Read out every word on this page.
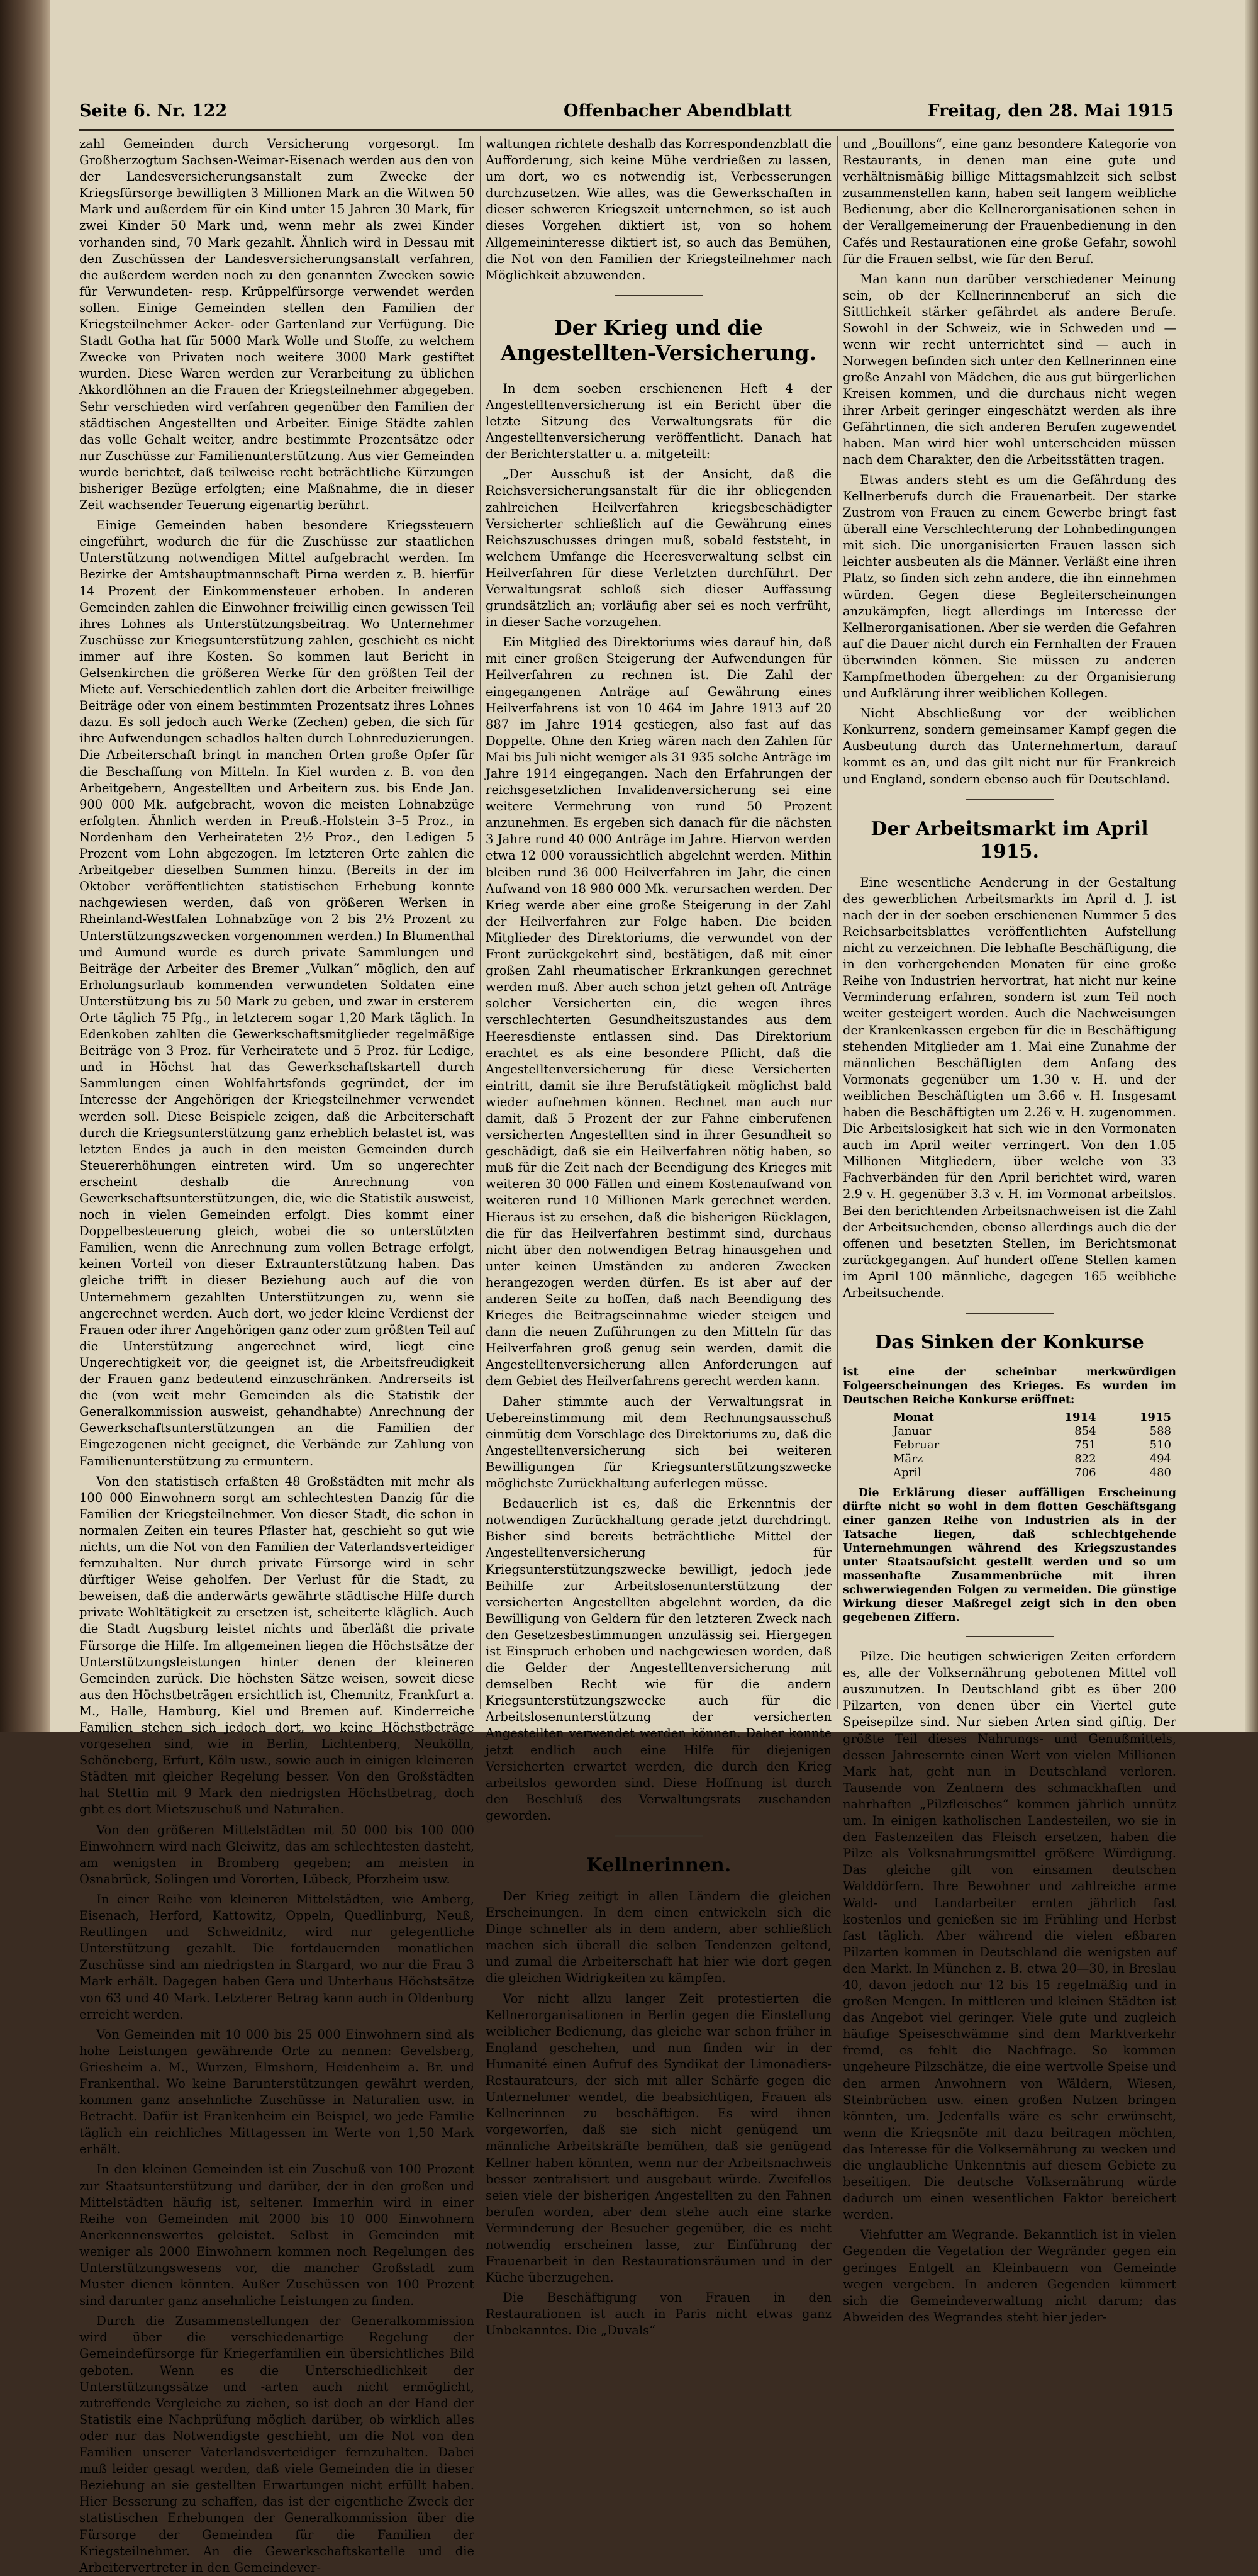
Seite 6. Nr. 122	Offenbacher Abendblatt	Freitag, den 28. Mai 1915

zahl Gemeinden durch Versicherung vorgesorgt. Im Großherzogtum Sachsen-Weimar-Eisenach werden aus den von der Landesversicherungsanstalt zum Zwecke der Kriegsfürsorge bewilligten 3 Millionen Mark an die Witwen 50 Mark und außerdem für ein Kind unter 15 Jahren 30 Mark, für zwei Kinder 50 Mark und, wenn mehr als zwei Kinder vorhanden sind, 70 Mark gezahlt. Ähnlich wird in Dessau mit den Zuschüssen der Landesversicherungsanstalt verfahren, die außerdem werden noch zu den genannten Zwecken sowie für Verwundeten- resp. Krüppelfürsorge verwendet werden sollen. Einige Gemeinden stellen den Familien der Kriegsteilnehmer Acker- oder Gartenland zur Verfügung. Die Stadt Gotha hat für 5000 Mark Wolle und Stoffe, zu welchem Zwecke von Privaten noch weitere 3000 Mark gestiftet wurden. Diese Waren werden zur Verarbeitung zu üblichen Akkordlöhnen an die Frauen der Kriegsteilnehmer abgegeben. Sehr verschieden wird verfahren gegenüber den Familien der städtischen Angestellten und Arbeiter. Einige Städte zahlen das volle Gehalt weiter, andre bestimmte Prozentsätze oder nur Zuschüsse zur Familienunterstützung. Aus vier Gemeinden wurde berichtet, daß teilweise recht beträchtliche Kürzungen bisheriger Bezüge erfolgten; eine Maßnahme, die in dieser Zeit wachsender Teuerung eigenartig berührt.

Einige Gemeinden haben besondere Kriegssteuern eingeführt, wodurch die für die Zuschüsse zur staatlichen Unterstützung notwendigen Mittel aufgebracht werden. Im Bezirke der Amtshauptmannschaft Pirna werden z. B. hierfür 14 Prozent der Einkommensteuer erhoben. In anderen Gemeinden zahlen die Einwohner freiwillig einen gewissen Teil ihres Lohnes als Unterstützungsbeitrag. Wo Unternehmer Zuschüsse zur Kriegsunterstützung zahlen, geschieht es nicht immer auf ihre Kosten. So kommen laut Bericht in Gelsenkirchen die größeren Werke für den größten Teil der Miete auf. Verschiedentlich zahlen dort die Arbeiter freiwillige Beiträge oder von einem bestimmten Prozentsatz ihres Lohnes dazu. Es soll jedoch auch Werke (Zechen) geben, die sich für ihre Aufwendungen schadlos halten durch Lohnreduzierungen. Die Arbeiterschaft bringt in manchen Orten große Opfer für die Beschaffung von Mitteln. In Kiel wurden z. B. von den Arbeitgebern, Angestellten und Arbeitern zus. bis Ende Jan. 900 000 Mk. aufgebracht, wovon die meisten Lohnabzüge erfolgten. Ähnlich werden in Preuß.-Holstein 3–5 Proz., in Nordenham den Verheirateten 2½ Proz., den Ledigen 5 Prozent vom Lohn abgezogen. Im letzteren Orte zahlen die Arbeitgeber dieselben Summen hinzu. (Bereits in der im Oktober veröffentlichten statistischen Erhebung konnte nachgewiesen werden, daß von größeren Werken in Rheinland-Westfalen Lohnabzüge von 2 bis 2½ Prozent zu Unterstützungszwecken vorgenommen werden.) In Blumenthal und Aumund wurde es durch private Sammlungen und Beiträge der Arbeiter des Bremer „Vulkan“ möglich, den auf Erholungsurlaub kommenden verwundeten Soldaten eine Unterstützung bis zu 50 Mark zu geben, und zwar in ersterem Orte täglich 75 Pfg., in letzterem sogar 1,20 Mark täglich. In Edenkoben zahlten die Gewerkschaftsmitglieder regelmäßige Beiträge von 3 Proz. für Verheiratete und 5 Proz. für Ledige, und in Höchst hat das Gewerkschaftskartell durch Sammlungen einen Wohlfahrtsfonds gegründet, der im Interesse der Angehörigen der Kriegsteilnehmer verwendet werden soll. Diese Beispiele zeigen, daß die Arbeiterschaft durch die Kriegsunterstützung ganz erheblich belastet ist, was letzten Endes ja auch in den meisten Gemeinden durch Steuererhöhungen eintreten wird. Um so ungerechter erscheint deshalb die Anrechnung von Gewerkschaftsunterstützungen, die, wie die Statistik ausweist, noch in vielen Gemeinden erfolgt. Dies kommt einer Doppelbesteuerung gleich, wobei die so unterstützten Familien, wenn die Anrechnung zum vollen Betrage erfolgt, keinen Vorteil von dieser Extraunterstützung haben. Das gleiche trifft in dieser Beziehung auch auf die von Unternehmern gezahlten Unterstützungen zu, wenn sie angerechnet werden. Auch dort, wo jeder kleine Verdienst der Frauen oder ihrer Angehörigen ganz oder zum größten Teil auf die Unterstützung angerechnet wird, liegt eine Ungerechtigkeit vor, die geeignet ist, die Arbeitsfreudigkeit der Frauen ganz bedeutend einzuschränken. Andrerseits ist die (von weit mehr Gemeinden als die Statistik der Generalkommission ausweist, gehandhabte) Anrechnung der Gewerkschaftsunterstützungen an die Familien der Eingezogenen nicht geeignet, die Verbände zur Zahlung von Familienunterstützung zu ermuntern.

Von den statistisch erfaßten 48 Großstädten mit mehr als 100 000 Einwohnern sorgt am schlechtesten Danzig für die Familien der Kriegsteilnehmer. Von dieser Stadt, die schon in normalen Zeiten ein teures Pflaster hat, geschieht so gut wie nichts, um die Not von den Familien der Vaterlandsverteidiger fernzuhalten. Nur durch private Fürsorge wird in sehr dürftiger Weise geholfen. Der Verlust für die Stadt, zu beweisen, daß die anderwärts gewährte städtische Hilfe durch private Wohltätigkeit zu ersetzen ist, scheiterte kläglich. Auch die Stadt Augsburg leistet nichts und überläßt die private Fürsorge die Hilfe. Im allgemeinen liegen die Höchstsätze der Unterstützungsleistungen hinter denen der kleineren Gemeinden zurück. Die höchsten Sätze weisen, soweit diese aus den Höchstbeträgen ersichtlich ist, Chemnitz, Frankfurt a. M., Halle, Hamburg, Kiel und Bremen auf. Kinderreiche Familien stehen sich jedoch dort, wo keine Höchstbeträge vorgesehen sind, wie in Berlin, Lichtenberg, Neukölln, Schöneberg, Erfurt, Köln usw., sowie auch in einigen kleineren Städten mit gleicher Regelung besser. Von den Großstädten hat Stettin mit 9 Mark den niedrigsten Höchstbetrag, doch gibt es dort Mietszuschuß und Naturalien.

Von den größeren Mittelstädten mit 50 000 bis 100 000 Einwohnern wird nach Gleiwitz, das am schlechtesten dasteht, am wenigsten in Bromberg gegeben; am meisten in Osnabrück, Solingen und Vororten, Lübeck, Pforzheim usw.

In einer Reihe von kleineren Mittelstädten, wie Amberg, Eisenach, Herford, Kattowitz, Oppeln, Quedlinburg, Neuß, Reutlingen und Schweidnitz, wird nur gelegentliche Unterstützung gezahlt. Die fortdauernden monatlichen Zuschüsse sind am niedrigsten in Stargard, wo nur die Frau 3 Mark erhält. Dagegen haben Gera und Unterhaus Höchstsätze von 63 und 40 Mark. Letzterer Betrag kann auch in Oldenburg erreicht werden.

Von Gemeinden mit 10 000 bis 25 000 Einwohnern sind als hohe Leistungen gewährende Orte zu nennen: Gevelsberg, Griesheim a. M., Wurzen, Elmshorn, Heidenheim a. Br. und Frankenthal. Wo keine Barunterstützungen gewährt werden, kommen ganz ansehnliche Zuschüsse in Naturalien usw. in Betracht. Dafür ist Frankenheim ein Beispiel, wo jede Familie täglich ein reichliches Mittagessen im Werte von 1,50 Mark erhält.

In den kleinen Gemeinden ist ein Zuschuß von 100 Prozent zur Staatsunterstützung und darüber, der in den großen und Mittelstädten häufig ist, seltener. Immerhin wird in einer Reihe von Gemeinden mit 2000 bis 10 000 Einwohnern Anerkennenswertes geleistet. Selbst in Gemeinden mit weniger als 2000 Einwohnern kommen noch Regelungen des Unterstützungswesens vor, die mancher Großstadt zum Muster dienen könnten. Außer Zuschüssen von 100 Prozent sind darunter ganz ansehnliche Leistungen zu finden.

Durch die Zusammenstellungen der Generalkommission wird über die verschiedenartige Regelung der Gemeindefürsorge für Kriegerfamilien ein übersichtliches Bild geboten. Wenn es die Unterschiedlichkeit der Unterstützungssätze und -arten auch nicht ermöglicht, zutreffende Vergleiche zu ziehen, so ist doch an der Hand der Statistik eine Nachprüfung möglich darüber, ob wirklich alles oder nur das Notwendigste geschieht, um die Not von den Familien unserer Vaterlandsverteidiger fernzuhalten. Dabei muß leider gesagt werden, daß viele Gemeinden die in dieser Beziehung an sie gestellten Erwartungen nicht erfüllt haben. Hier Besserung zu schaffen, das ist der eigentliche Zweck der statistischen Erhebungen der Generalkommission über die Fürsorge der Gemeinden für die Familien der Kriegsteilnehmer. An die Gewerkschaftskartelle und die Arbeitervertreter in den Gemeindever-

waltungen richtete deshalb das Korrespondenzblatt die Aufforderung, sich keine Mühe verdrießen zu lassen, um dort, wo es notwendig ist, Verbesserungen durchzusetzen. Wie alles, was die Gewerkschaften in dieser schweren Kriegszeit unternehmen, so ist auch dieses Vorgehen diktiert ist, von so hohem Allgemeininteresse diktiert ist, so auch das Bemühen, die Not von den Familien der Kriegsteilnehmer nach Möglichkeit abzuwenden.

Der Krieg und die Angestellten-Versicherung.

In dem soeben erschienenen Heft 4 der Angestelltenversicherung ist ein Bericht über die letzte Sitzung des Verwaltungsrats für die Angestelltenversicherung veröffentlicht. Danach hat der Berichterstatter u. a. mitgeteilt:

„Der Ausschuß ist der Ansicht, daß die Reichsversicherungsanstalt für die ihr obliegenden zahlreichen Heilverfahren kriegsbeschädigter Versicherter schließlich auf die Gewährung eines Reichszuschusses dringen muß, sobald feststeht, in welchem Umfange die Heeresverwaltung selbst ein Heilverfahren für diese Verletzten durchführt. Der Verwaltungsrat schloß sich dieser Auffassung grundsätzlich an; vorläufig aber sei es noch verfrüht, in dieser Sache vorzugehen.

Ein Mitglied des Direktoriums wies darauf hin, daß mit einer großen Steigerung der Aufwendungen für Heilverfahren zu rechnen ist. Die Zahl der eingegangenen Anträge auf Gewährung eines Heilverfahrens ist von 10 464 im Jahre 1913 auf 20 887 im Jahre 1914 gestiegen, also fast auf das Doppelte. Ohne den Krieg wären nach den Zahlen für Mai bis Juli nicht weniger als 31 935 solche Anträge im Jahre 1914 eingegangen. Nach den Erfahrungen der reichsgesetzlichen Invalidenversicherung sei eine weitere Vermehrung von rund 50 Prozent anzunehmen. Es ergeben sich danach für die nächsten 3 Jahre rund 40 000 Anträge im Jahre. Hiervon werden etwa 12 000 voraussichtlich abgelehnt werden. Mithin bleiben rund 36 000 Heilverfahren im Jahr, die einen Aufwand von 18 980 000 Mk. verursachen werden. Der Krieg werde aber eine große Steigerung in der Zahl der Heilverfahren zur Folge haben. Die beiden Mitglieder des Direktoriums, die verwundet von der Front zurückgekehrt sind, bestätigen, daß mit einer großen Zahl rheumatischer Erkrankungen gerechnet werden muß. Aber auch schon jetzt gehen oft Anträge solcher Versicherten ein, die wegen ihres verschlechterten Gesundheitszustandes aus dem Heeresdienste entlassen sind. Das Direktorium erachtet es als eine besondere Pflicht, daß die Angestelltenversicherung für diese Versicherten eintritt, damit sie ihre Berufstätigkeit möglichst bald wieder aufnehmen können. Rechnet man auch nur damit, daß 5 Prozent der zur Fahne einberufenen versicherten Angestellten sind in ihrer Gesundheit so geschädigt, daß sie ein Heilverfahren nötig haben, so muß für die Zeit nach der Beendigung des Krieges mit weiteren 30 000 Fällen und einem Kostenaufwand von weiteren rund 10 Millionen Mark gerechnet werden. Hieraus ist zu ersehen, daß die bisherigen Rücklagen, die für das Heilverfahren bestimmt sind, durchaus nicht über den notwendigen Betrag hinausgehen und unter keinen Umständen zu anderen Zwecken herangezogen werden dürfen. Es ist aber auf der anderen Seite zu hoffen, daß nach Beendigung des Krieges die Beitragseinnahme wieder steigen und dann die neuen Zuführungen zu den Mitteln für das Heilverfahren groß genug sein werden, damit die Angestelltenversicherung allen Anforderungen auf dem Gebiet des Heilverfahrens gerecht werden kann.

Daher stimmte auch der Verwaltungsrat in Uebereinstimmung mit dem Rechnungsausschuß einmütig dem Vorschlage des Direktoriums zu, daß die Angestelltenversicherung sich bei weiteren Bewilligungen für Kriegsunterstützungszwecke möglichste Zurückhaltung auferlegen müsse.

Bedauerlich ist es, daß die Erkenntnis der notwendigen Zurückhaltung gerade jetzt durchdringt. Bisher sind bereits beträchtliche Mittel der Angestelltenversicherung für Kriegsunterstützungszwecke bewilligt, jedoch jede Beihilfe zur Arbeitslosenunterstützung der versicherten Angestellten abgelehnt worden, da die Bewilligung von Geldern für den letzteren Zweck nach den Gesetzesbestimmungen unzulässig sei. Hiergegen ist Einspruch erhoben und nachgewiesen worden, daß die Gelder der Angestelltenversicherung mit demselben Recht wie für die andern Kriegsunterstützungszwecke auch für die Arbeitslosenunterstützung der versicherten Angestellten verwendet werden können. Daher konnte jetzt endlich auch eine Hilfe für diejenigen Versicherten erwartet werden, die durch den Krieg arbeitslos geworden sind. Diese Hoffnung ist durch den Beschluß des Verwaltungsrats zuschanden geworden.

Kellnerinnen.

Der Krieg zeitigt in allen Ländern die gleichen Erscheinungen. In dem einen entwickeln sich die Dinge schneller als in dem andern, aber schließlich machen sich überall die selben Tendenzen geltend, und zumal die Arbeiterschaft hat hier wie dort gegen die gleichen Widrigkeiten zu kämpfen.

Vor nicht allzu langer Zeit protestierten die Kellnerorganisationen in Berlin gegen die Einstellung weiblicher Bedienung, das gleiche war schon früher in England geschehen, und nun finden wir in der Humanité einen Aufruf des Syndikat der Limonadiers-Restaurateurs, der sich mit aller Schärfe gegen die Unternehmer wendet, die beabsichtigen, Frauen als Kellnerinnen zu beschäftigen. Es wird ihnen vorgeworfen, daß sie sich nicht genügend um männliche Arbeitskräfte bemühen, daß sie genügend Kellner haben könnten, wenn nur der Arbeitsnachweis besser zentralisiert und ausgebaut würde. Zweifellos seien viele der bisherigen Angestellten zu den Fahnen berufen worden, aber dem stehe auch eine starke Verminderung der Besucher gegenüber, die es nicht notwendig erscheinen lasse, zur Einführung der Frauenarbeit in den Restaurationsräumen und in der Küche überzugehen.

Die Beschäftigung von Frauen in den Restaurationen ist auch in Paris nicht etwas ganz Unbekanntes. Die „Duvals“

und „Bouillons“, eine ganz besondere Kategorie von Restaurants, in denen man eine gute und verhältnismäßig billige Mittagsmahlzeit sich selbst zusammenstellen kann, haben seit langem weibliche Bedienung, aber die Kellnerorganisationen sehen in der Verallgemeinerung der Frauenbedienung in den Cafés und Restaurationen eine große Gefahr, sowohl für die Frauen selbst, wie für den Beruf.

Man kann nun darüber verschiedener Meinung sein, ob der Kellnerinnenberuf an sich die Sittlichkeit stärker gefährdet als andere Berufe. Sowohl in der Schweiz, wie in Schweden und — wenn wir recht unterrichtet sind — auch in Norwegen befinden sich unter den Kellnerinnen eine große Anzahl von Mädchen, die aus gut bürgerlichen Kreisen kommen, und die durchaus nicht wegen ihrer Arbeit geringer eingeschätzt werden als ihre Gefährtinnen, die sich anderen Berufen zugewendet haben. Man wird hier wohl unterscheiden müssen nach dem Charakter, den die Arbeitsstätten tragen.

Etwas anders steht es um die Gefährdung des Kellnerberufs durch die Frauenarbeit. Der starke Zustrom von Frauen zu einem Gewerbe bringt fast überall eine Verschlechterung der Lohnbedingungen mit sich. Die unorganisierten Frauen lassen sich leichter ausbeuten als die Männer. Verläßt eine ihren Platz, so finden sich zehn andere, die ihn einnehmen würden. Gegen diese Begleiterscheinungen anzukämpfen, liegt allerdings im Interesse der Kellnerorganisationen. Aber sie werden die Gefahren auf die Dauer nicht durch ein Fernhalten der Frauen überwinden können. Sie müssen zu anderen Kampfmethoden übergehen: zu der Organisierung und Aufklärung ihrer weiblichen Kollegen.

Nicht Abschließung vor der weiblichen Konkurrenz, sondern gemeinsamer Kampf gegen die Ausbeutung durch das Unternehmertum, darauf kommt es an, und das gilt nicht nur für Frankreich und England, sondern ebenso auch für Deutschland.

Der Arbeitsmarkt im April 1915.

Eine wesentliche Aenderung in der Gestaltung des gewerblichen Arbeitsmarkts im April d. J. ist nach der in der soeben erschienenen Nummer 5 des Reichsarbeitsblattes veröffentlichten Aufstellung nicht zu verzeichnen. Die lebhafte Beschäftigung, die in den vorhergehenden Monaten für eine große Reihe von Industrien hervortrat, hat nicht nur keine Verminderung erfahren, sondern ist zum Teil noch weiter gesteigert worden. Auch die Nachweisungen der Krankenkassen ergeben für die in Beschäftigung stehenden Mitglieder am 1. Mai eine Zunahme der männlichen Beschäftigten dem Anfang des Vormonats gegenüber um 1.30 v. H. und der weiblichen Beschäftigten um 3.66 v. H. Insgesamt haben die Beschäftigten um 2.26 v. H. zugenommen. Die Arbeitslosigkeit hat sich wie in den Vormonaten auch im April weiter verringert. Von den 1.05 Millionen Mitgliedern, über welche von 33 Fachverbänden für den April berichtet wird, waren 2.9 v. H. gegenüber 3.3 v. H. im Vormonat arbeitslos. Bei den berichtenden Arbeitsnachweisen ist die Zahl der Arbeitsuchenden, ebenso allerdings auch die der offenen und besetzten Stellen, im Berichtsmonat zurückgegangen. Auf hundert offene Stellen kamen im April 100 männliche, dagegen 165 weibliche Arbeitsuchende.

Das Sinken der Konkurse

ist eine der scheinbar merkwürdigen Folgeerscheinungen des Krieges. Es wurden im Deutschen Reiche Konkurse eröffnet:

Monat	1914	1915
Januar	854	588
Februar	751	510
März	822	494
April	706	480

Die Erklärung dieser auffälligen Erscheinung dürfte nicht so wohl in dem flotten Geschäftsgang einer ganzen Reihe von Industrien als in der Tatsache liegen, daß schlechtgehende Unternehmungen während des Kriegszustandes unter Staatsaufsicht gestellt werden und so um massenhafte Zusammenbrüche mit ihren schwerwiegenden Folgen zu vermeiden. Die günstige Wirkung dieser Maßregel zeigt sich in den oben gegebenen Ziffern.

Pilze. Die heutigen schwierigen Zeiten erfordern es, alle der Volksernährung gebotenen Mittel voll auszunutzen. In Deutschland gibt es über 200 Pilzarten, von denen über ein Viertel gute Speisepilze sind. Nur sieben Arten sind giftig. Der größte Teil dieses Nahrungs- und Genußmittels, dessen Jahresernte einen Wert von vielen Millionen Mark hat, geht nun in Deutschland verloren. Tausende von Zentnern des schmackhaften und nahrhaften „Pilzfleisches“ kommen jährlich unnütz um. In einigen katholischen Landesteilen, wo sie in den Fastenzeiten das Fleisch ersetzen, haben die Pilze als Volksnahrungsmittel größere Würdigung. Das gleiche gilt von einsamen deutschen Walddörfern. Ihre Bewohner und zahlreiche arme Wald- und Landarbeiter ernten jährlich fast kostenlos und genießen sie im Frühling und Herbst fast täglich. Aber während die vielen eßbaren Pilzarten kommen in Deutschland die wenigsten auf den Markt. In München z. B. etwa 20—30, in Breslau 40, davon jedoch nur 12 bis 15 regelmäßig und in großen Mengen. In mittleren und kleinen Städten ist das Angebot viel geringer. Viele gute und zugleich häufige Speiseschwämme sind dem Marktverkehr fremd, es fehlt die Nachfrage. So kommen ungeheure Pilzschätze, die eine wertvolle Speise und den armen Anwohnern von Wäldern, Wiesen, Steinbrüchen usw. einen großen Nutzen bringen könnten, um. Jedenfalls wäre es sehr erwünscht, wenn die Kriegsnöte mit dazu beitragen möchten, das Interesse für die Volksernährung zu wecken und die unglaubliche Unkenntnis auf diesem Gebiete zu beseitigen. Die deutsche Volksernährung würde dadurch um einen wesentlichen Faktor bereichert werden.

Viehfutter am Wegrande. Bekanntlich ist in vielen Gegenden die Vegetation der Wegränder gegen ein geringes Entgelt an Kleinbauern von Gemeinde wegen vergeben. In anderen Gegenden kümmert sich die Gemeindeverwaltung nicht darum; das Abweiden des Wegrandes steht hier jeder-
